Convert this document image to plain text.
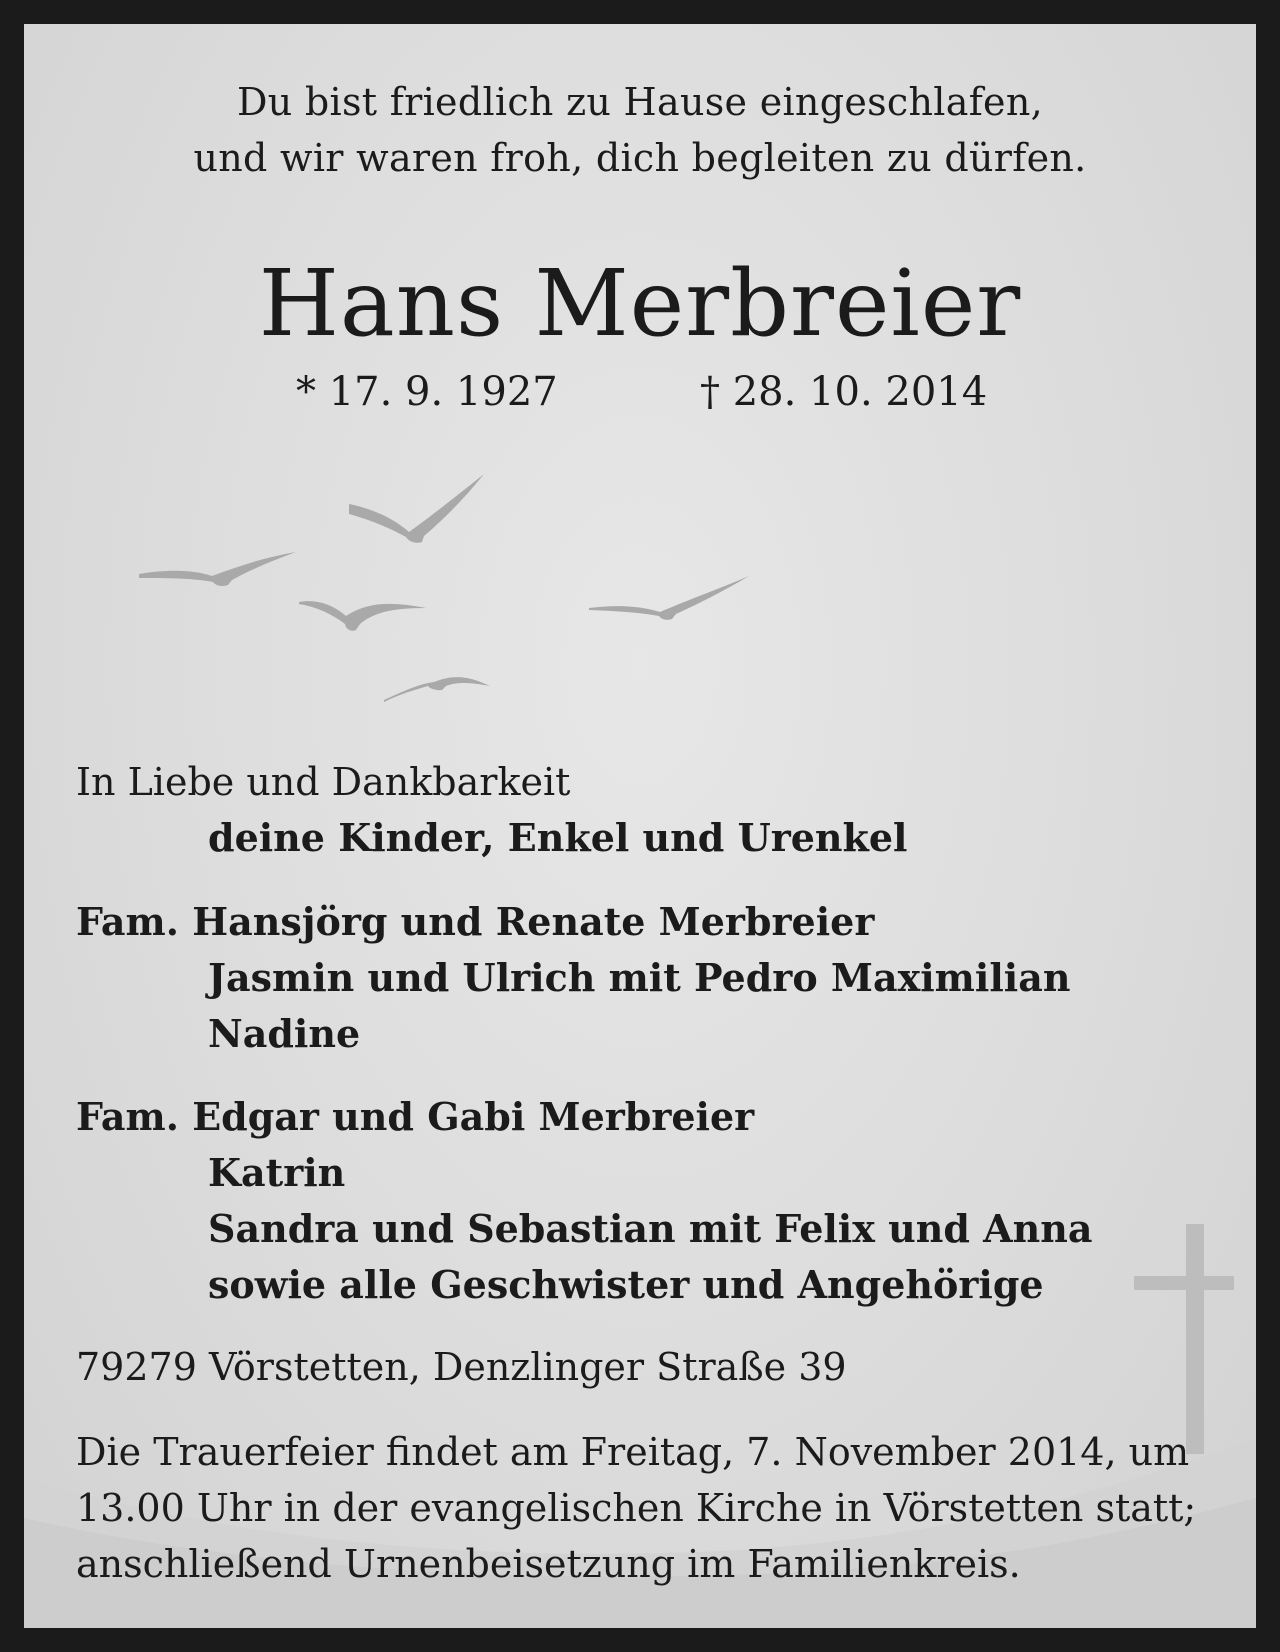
Du bist friedlich zu Hause eingeschlafen,
und wir waren froh, dich begleiten zu dürfen.
Hans Merbreier
* 17. 9. 1927	† 28. 10. 2014
In Liebe und Dankbarkeit
deine Kinder, Enkel und Urenkel
Fam. Hansjörg und Renate Merbreier
Jasmin und Ulrich mit Pedro Maximilian
Nadine
Fam. Edgar und Gabi Merbreier
Katrin
Sandra und Sebastian mit Felix und Anna
sowie alle Geschwister und Angehörige
79279 Vörstetten, Denzlinger Straße 39
Die Trauerfeier findet am Freitag, 7. November 2014, um
13.00 Uhr in der evangelischen Kirche in Vörstetten statt;
anschließend Urnenbeisetzung im Familienkreis.
